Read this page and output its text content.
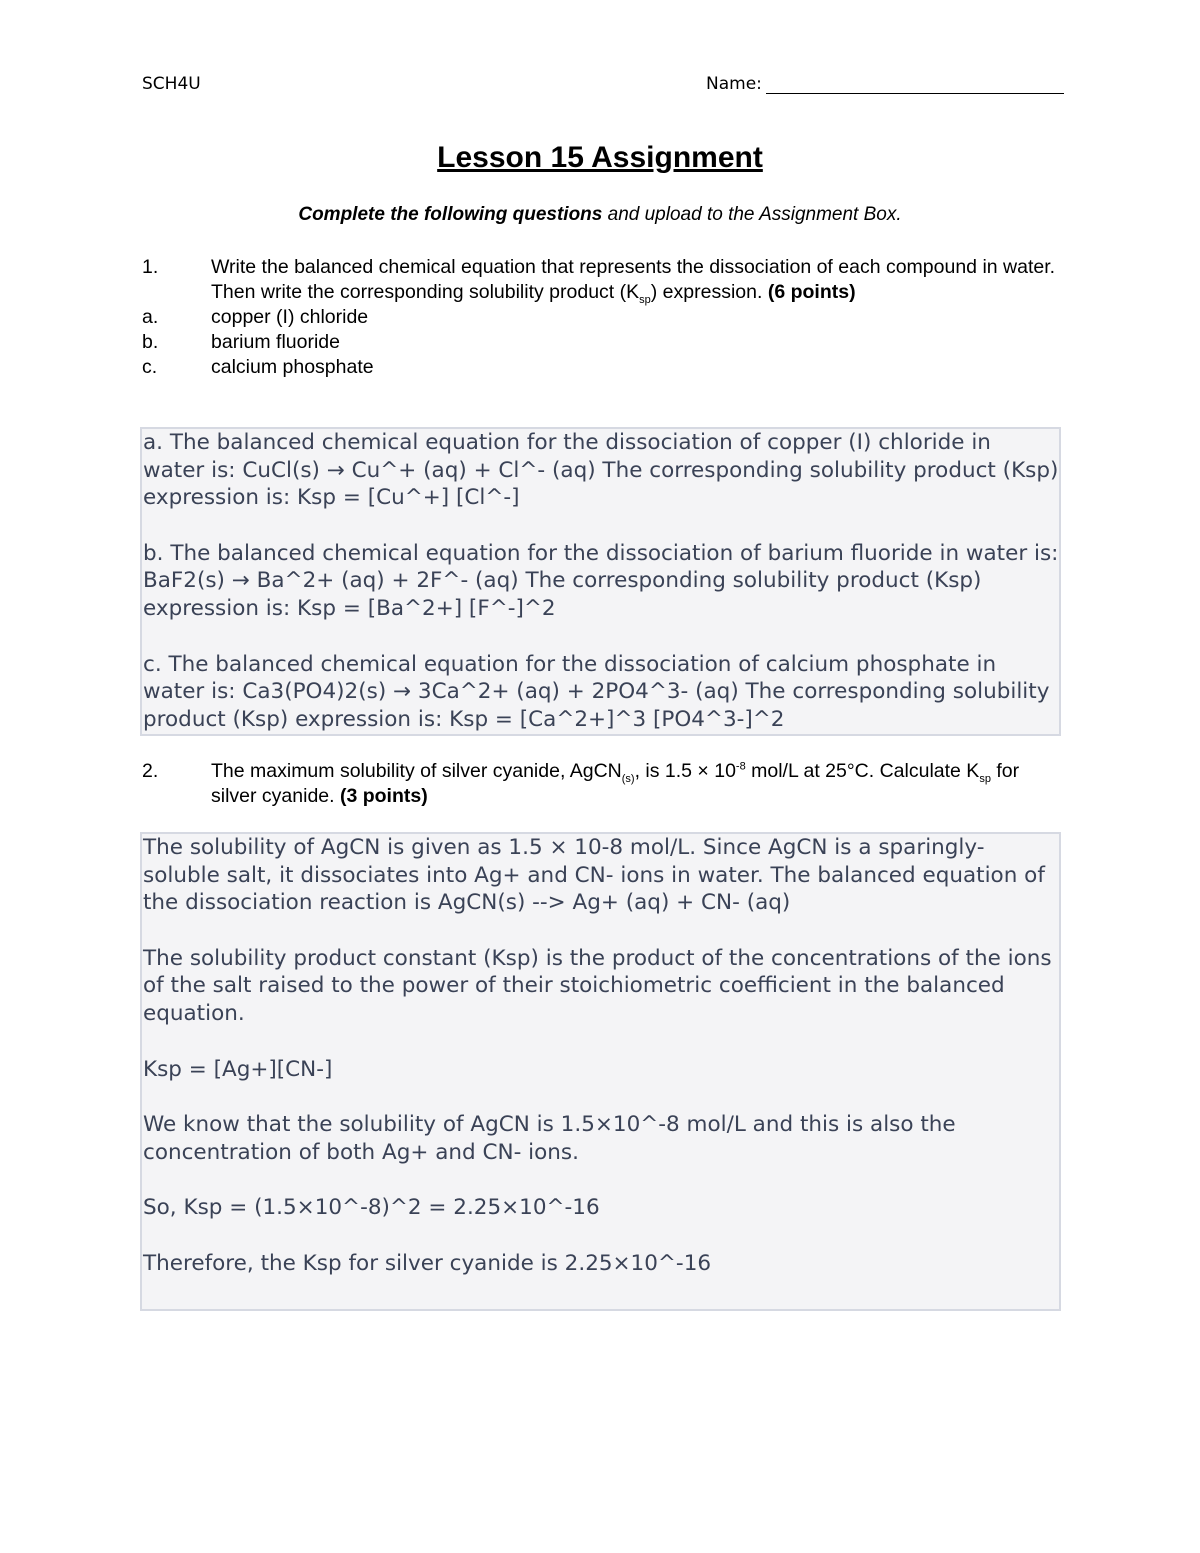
SCH4U	Name:
Lesson 15 Assignment
Complete the following questions and upload to the Assignment Box.
1.	Write the balanced chemical equation that represents the dissociation of each compound in water. Then write the corresponding solubility product $(K_{sp})$ expression. (6 points)
a.	copper (I) chloride
b.	barium fluoride
c.	calcium phosphate

a. The balanced chemical equation for the dissociation of copper (I) chloride in water is: CuCl(s) → Cu^+ (aq) + Cl^- (aq) The corresponding solubility product (Ksp) expression is: Ksp = [Cu^+] [Cl^-]

b. The balanced chemical equation for the dissociation of barium fluoride in water is: BaF2(s) → Ba^2+ (aq) + 2F^- (aq) The corresponding solubility product (Ksp) expression is: Ksp = [Ba^2+] [F^-]^2

c. The balanced chemical equation for the dissociation of calcium phosphate in water is: Ca3(PO4)2(s) → 3Ca^2+ (aq) + 2PO4^3- (aq) The corresponding solubility product (Ksp) expression is: Ksp = [Ca^2+]^3 [PO4^3-]^2

2.	The maximum solubility of silver cyanide, AgCN$_{(s)}$, is $1.5 \times 10^{-8}$ mol/L at 25°C. Calculate $K_{sp}$ for silver cyanide. (3 points)

The solubility of AgCN is given as 1.5 × 10-8 mol/L. Since AgCN is a sparingly-soluble salt, it dissociates into Ag+ and CN- ions in water. The balanced equation of the dissociation reaction is AgCN(s) --> Ag+ (aq) + CN- (aq)

The solubility product constant (Ksp) is the product of the concentrations of the ions of the salt raised to the power of their stoichiometric coefficient in the balanced equation.

Ksp = [Ag+][CN-]

We know that the solubility of AgCN is 1.5×10^-8 mol/L and this is also the concentration of both Ag+ and CN- ions.

So, Ksp = (1.5×10^-8)^2 = 2.25×10^-16

Therefore, the Ksp for silver cyanide is 2.25×10^-16
